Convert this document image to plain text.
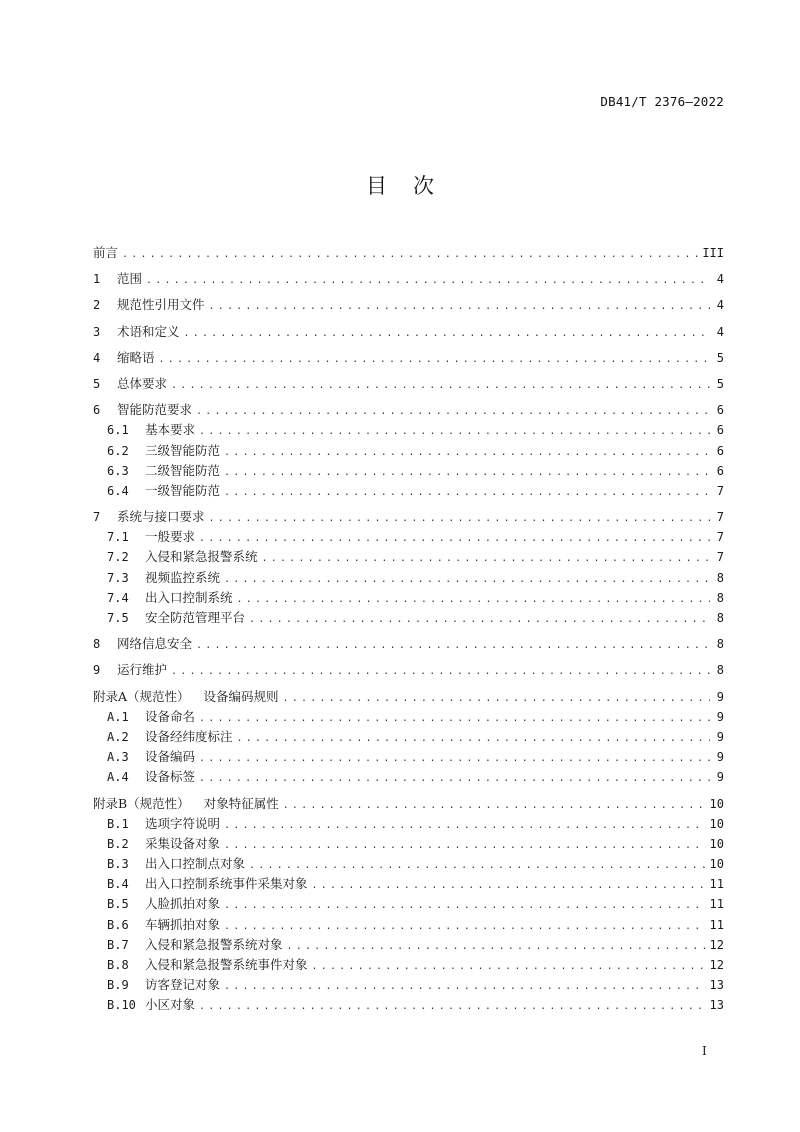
DB41/T 2376—2022
目 次
前言 .....	III
1	范围 .....	4
2	规范性引用文件 .....	4
3	术语和定义 .....	4
4	缩略语 .....	5
5	总体要求 .....	5
6	智能防范要求 .....	6
6.1	基本要求 .....	6
6.2	三级智能防范 .....	6
6.3	二级智能防范 .....	6
6.4	一级智能防范 .....	7
7	系统与接口要求 .....	7
7.1	一般要求 .....	7
7.2	入侵和紧急报警系统 .....	7
7.3	视频监控系统 .....	8
7.4	出入口控制系统 .....	8
7.5	安全防范管理平台 .....	8
8	网络信息安全 .....	8
9	运行维护 .....	8
附录A（规范性） 设备编码规则 .....	9
A.1	设备命名 .....	9
A.2	设备经纬度标注 .....	9
A.3	设备编码 .....	9
A.4	设备标签 .....	9
附录B（规范性） 对象特征属性 .....	10
B.1	选项字符说明 .....	10
B.2	采集设备对象 .....	10
B.3	出入口控制点对象 .....	10
B.4	出入口控制系统事件采集对象 .....	11
B.5	人脸抓拍对象 .....	11
B.6	车辆抓拍对象 .....	11
B.7	入侵和紧急报警系统对象 .....	12
B.8	入侵和紧急报警系统事件对象 .....	12
B.9	访客登记对象 .....	13
B.10 小区对象 .....	13
I
